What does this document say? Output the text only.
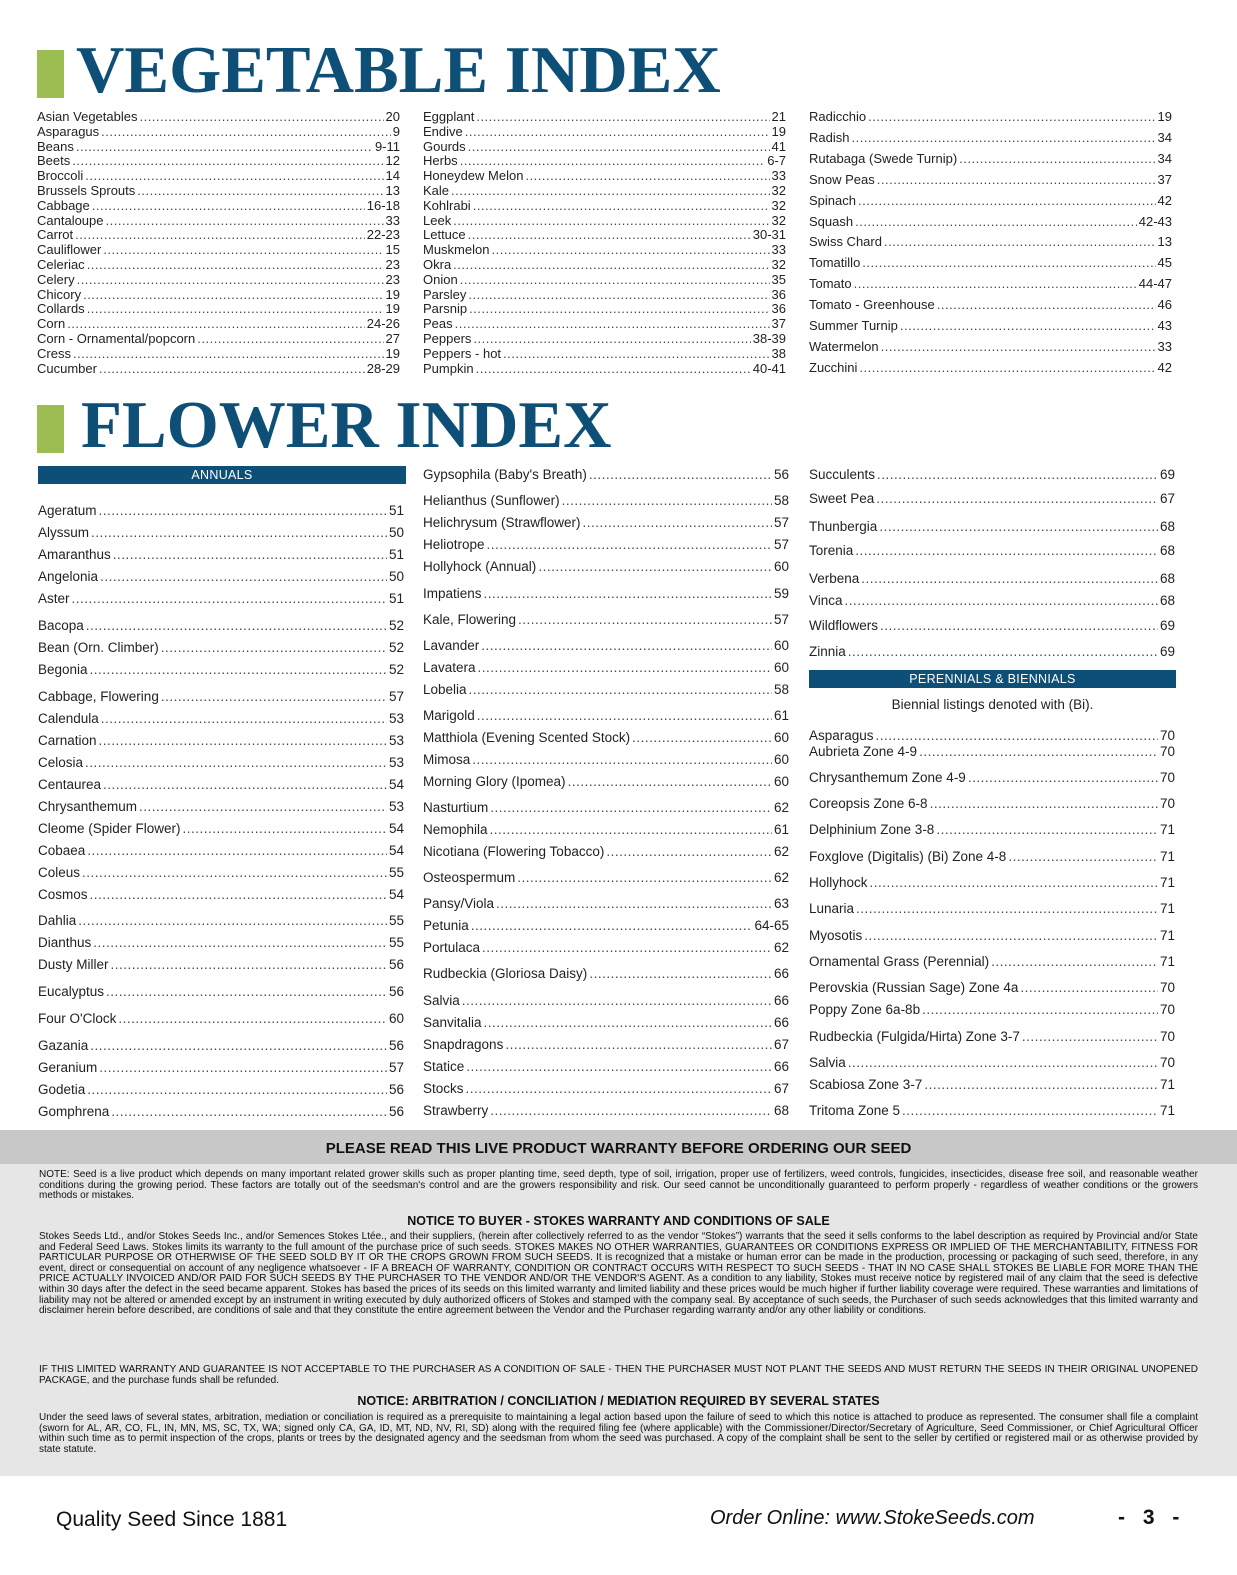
VEGETABLE INDEX
Asian Vegetables .....	20
Asparagus .....	9
Beans .....	9-11
Beets .....	12
Broccoli .....	14
Brussels Sprouts .....	13
Cabbage .....	16-18
Cantaloupe .....	33
Carrot .....	22-23
Cauliflower .....	15
Celeriac .....	23
Celery .....	23
Chicory .....	19
Collards .....	19
Corn .....	24-26
Corn - Ornamental/popcorn .....	27
Cress .....	19
Cucumber .....	28-29
Eggplant .....	21
Endive .....	19
Gourds .....	41
Herbs .....	6-7
Honeydew Melon .....	33
Kale .....	32
Kohlrabi .....	32
Leek .....	32
Lettuce .....	30-31
Muskmelon .....	33
Okra .....	32
Onion .....	35
Parsley .....	36
Parsnip .....	36
Peas .....	37
Peppers .....	38-39
Peppers - hot .....	38
Pumpkin .....	40-41
Radicchio .....	19
Radish .....	34
Rutabaga (Swede Turnip) .....	34
Snow Peas .....	37
Spinach .....	42
Squash .....	42-43
Swiss Chard .....	13
Tomatillo .....	45
Tomato .....	44-47
Tomato - Greenhouse .....	46
Summer Turnip .....	43
Watermelon .....	33
Zucchini .....	42
FLOWER INDEX
ANNUALS
Ageratum .....	51
Alyssum .....	50
Amaranthus .....	51
Angelonia .....	50
Aster .....	51
Bacopa .....	52
Bean (Orn. Climber) .....	52
Begonia .....	52
Cabbage, Flowering .....	57
Calendula .....	53
Carnation .....	53
Celosia .....	53
Centaurea .....	54
Chrysanthemum .....	53
Cleome (Spider Flower) .....	54
Cobaea .....	54
Coleus .....	55
Cosmos .....	54
Dahlia .....	55
Dianthus .....	55
Dusty Miller .....	56
Eucalyptus .....	56
Four O'Clock .....	60
Gazania .....	56
Geranium .....	57
Godetia .....	56
Gomphrena .....	56
Gypsophila (Baby's Breath) .....	56
Helianthus (Sunflower) .....	58
Helichrysum (Strawflower) .....	57
Heliotrope .....	57
Hollyhock (Annual) .....	60
Impatiens .....	59
Kale, Flowering .....	57
Lavander .....	60
Lavatera .....	60
Lobelia .....	58
Marigold .....	61
Matthiola (Evening Scented Stock) .....	60
Mimosa .....	60
Morning Glory (Ipomea) .....	60
Nasturtium .....	62
Nemophila .....	61
Nicotiana (Flowering Tobacco) .....	62
Osteospermum .....	62
Pansy/Viola .....	63
Petunia .....	64-65
Portulaca .....	62
Rudbeckia (Gloriosa Daisy) .....	66
Salvia .....	66
Sanvitalia .....	66
Snapdragons .....	67
Statice .....	66
Stocks .....	67
Strawberry .....	68
Succulents .....	69
Sweet Pea .....	67
Thunbergia .....	68
Torenia .....	68
Verbena .....	68
Vinca .....	68
Wildflowers .....	69
Zinnia .....	69
PERENNIALS & BIENNIALS
Biennial listings denoted with (Bi).
Asparagus .....	70
Aubrieta Zone 4-9 .....	70
Chrysanthemum Zone 4-9 .....	70
Coreopsis Zone 6-8 .....	70
Delphinium Zone 3-8 .....	71
Foxglove (Digitalis) (Bi) Zone 4-8 .....	71
Hollyhock .....	71
Lunaria .....	71
Myosotis .....	71
Ornamental Grass (Perennial) .....	71
Perovskia (Russian Sage) Zone 4a .....	70
Poppy Zone 6a-8b .....	70
Rudbeckia (Fulgida/Hirta) Zone 3-7 .....	70
Salvia .....	70
Scabiosa Zone 3-7 .....	71
Tritoma Zone 5 .....	71
PLEASE READ THIS LIVE PRODUCT WARRANTY BEFORE ORDERING OUR SEED

NOTE: Seed is a live product which depends on many important related grower skills such as proper planting time, seed depth, type of soil, irrigation, proper use of fertilizers, weed controls, fungicides, insecticides, disease free soil, and reasonable weather conditions during the growing period. These factors are totally out of the seedsman's control and are the growers responsibility and risk. Our seed cannot be unconditionally guaranteed to perform properly - regardless of weather conditions or the growers methods or mistakes.

NOTICE TO BUYER - STOKES WARRANTY AND CONDITIONS OF SALE

Stokes Seeds Ltd., and/or Stokes Seeds Inc., and/or Semences Stokes Ltée., and their suppliers, (herein after collectively referred to as the vendor “Stokes”) warrants that the seed it sells conforms to the label description as required by Provincial and/or State and Federal Seed Laws. Stokes limits its warranty to the full amount of the purchase price of such seeds. STOKES MAKES NO OTHER WARRANTIES, GUARANTEES OR CONDITIONS EXPRESS OR IMPLIED OF THE MERCHANTABILITY, FITNESS FOR PARTICULAR PURPOSE OR OTHERWISE OF THE SEED SOLD BY IT OR THE CROPS GROWN FROM SUCH SEEDS. It is recognized that a mistake or human error can be made in the production, processing or packaging of such seed, therefore, in any event, direct or consequential on account of any negligence whatsoever - IF A BREACH OF WARRANTY, CONDITION OR CONTRACT OCCURS WITH RESPECT TO SUCH SEEDS - THAT IN NO CASE SHALL STOKES BE LIABLE FOR MORE THAN THE PRICE ACTUALLY INVOICED AND/OR PAID FOR SUCH SEEDS BY THE PURCHASER TO THE VENDOR AND/OR THE VENDOR'S AGENT. As a condition to any liability, Stokes must receive notice by registered mail of any claim that the seed is defective within 30 days after the defect in the seed became apparent. Stokes has based the prices of its seeds on this limited warranty and limited liability and these prices would be much higher if further liability coverage were required. These warranties and limitations of liability may not be altered or amended except by an instrument in writing executed by duly authorized officers of Stokes and stamped with the company seal. By acceptance of such seeds, the Purchaser of such seeds acknowledges that this limited warranty and disclaimer herein before described, are conditions of sale and that they constitute the entire agreement between the Vendor and the Purchaser regarding warranty and/or any other liability or conditions.

IF THIS LIMITED WARRANTY AND GUARANTEE IS NOT ACCEPTABLE TO THE PURCHASER AS A CONDITION OF SALE - THEN THE PURCHASER MUST NOT PLANT THE SEEDS AND MUST RETURN THE SEEDS IN THEIR ORIGINAL UNOPENED PACKAGE, and the purchase funds shall be refunded.

NOTICE: ARBITRATION / CONCILIATION / MEDIATION REQUIRED BY SEVERAL STATES

Under the seed laws of several states, arbitration, mediation or conciliation is required as a prerequisite to maintaining a legal action based upon the failure of seed to which this notice is attached to produce as represented. The consumer shall file a complaint (sworn for AL, AR, CO, FL, IN, MN, MS, SC, TX, WA; signed only CA, GA, ID, MT, ND, NV, RI, SD) along with the required filing fee (where applicable) with the Commissioner/Director/Secretary of Agriculture, Seed Commissioner, or Chief Agricultural Officer within such time as to permit inspection of the crops, plants or trees by the designated agency and the seedsman from whom the seed was purchased. A copy of the complaint shall be sent to the seller by certified or registered mail or as otherwise provided by state statute.

Quality Seed Since 1881	Order Online: www.StokeSeeds.com	- 3 -
